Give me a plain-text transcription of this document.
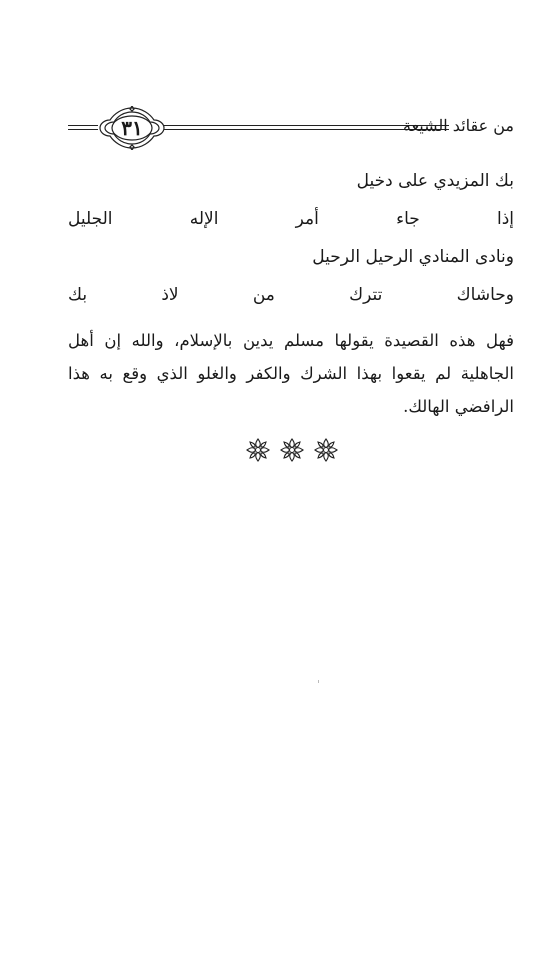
٣١	من عقائد الشيعة
بك المزيدي على دخيل
إذا جاء أمر الإله الجليل
ونادى المنادي الرحيل الرحيل
وحاشاك تترك من لاذ بك
فهل هذه القصيدة يقولها مسلم يدين بالإسلام، والله إن أهل الجاهلية لم يقعوا بهذا الشرك والكفر والغلو الذي وقع به هذا الرافضي الهالك.
